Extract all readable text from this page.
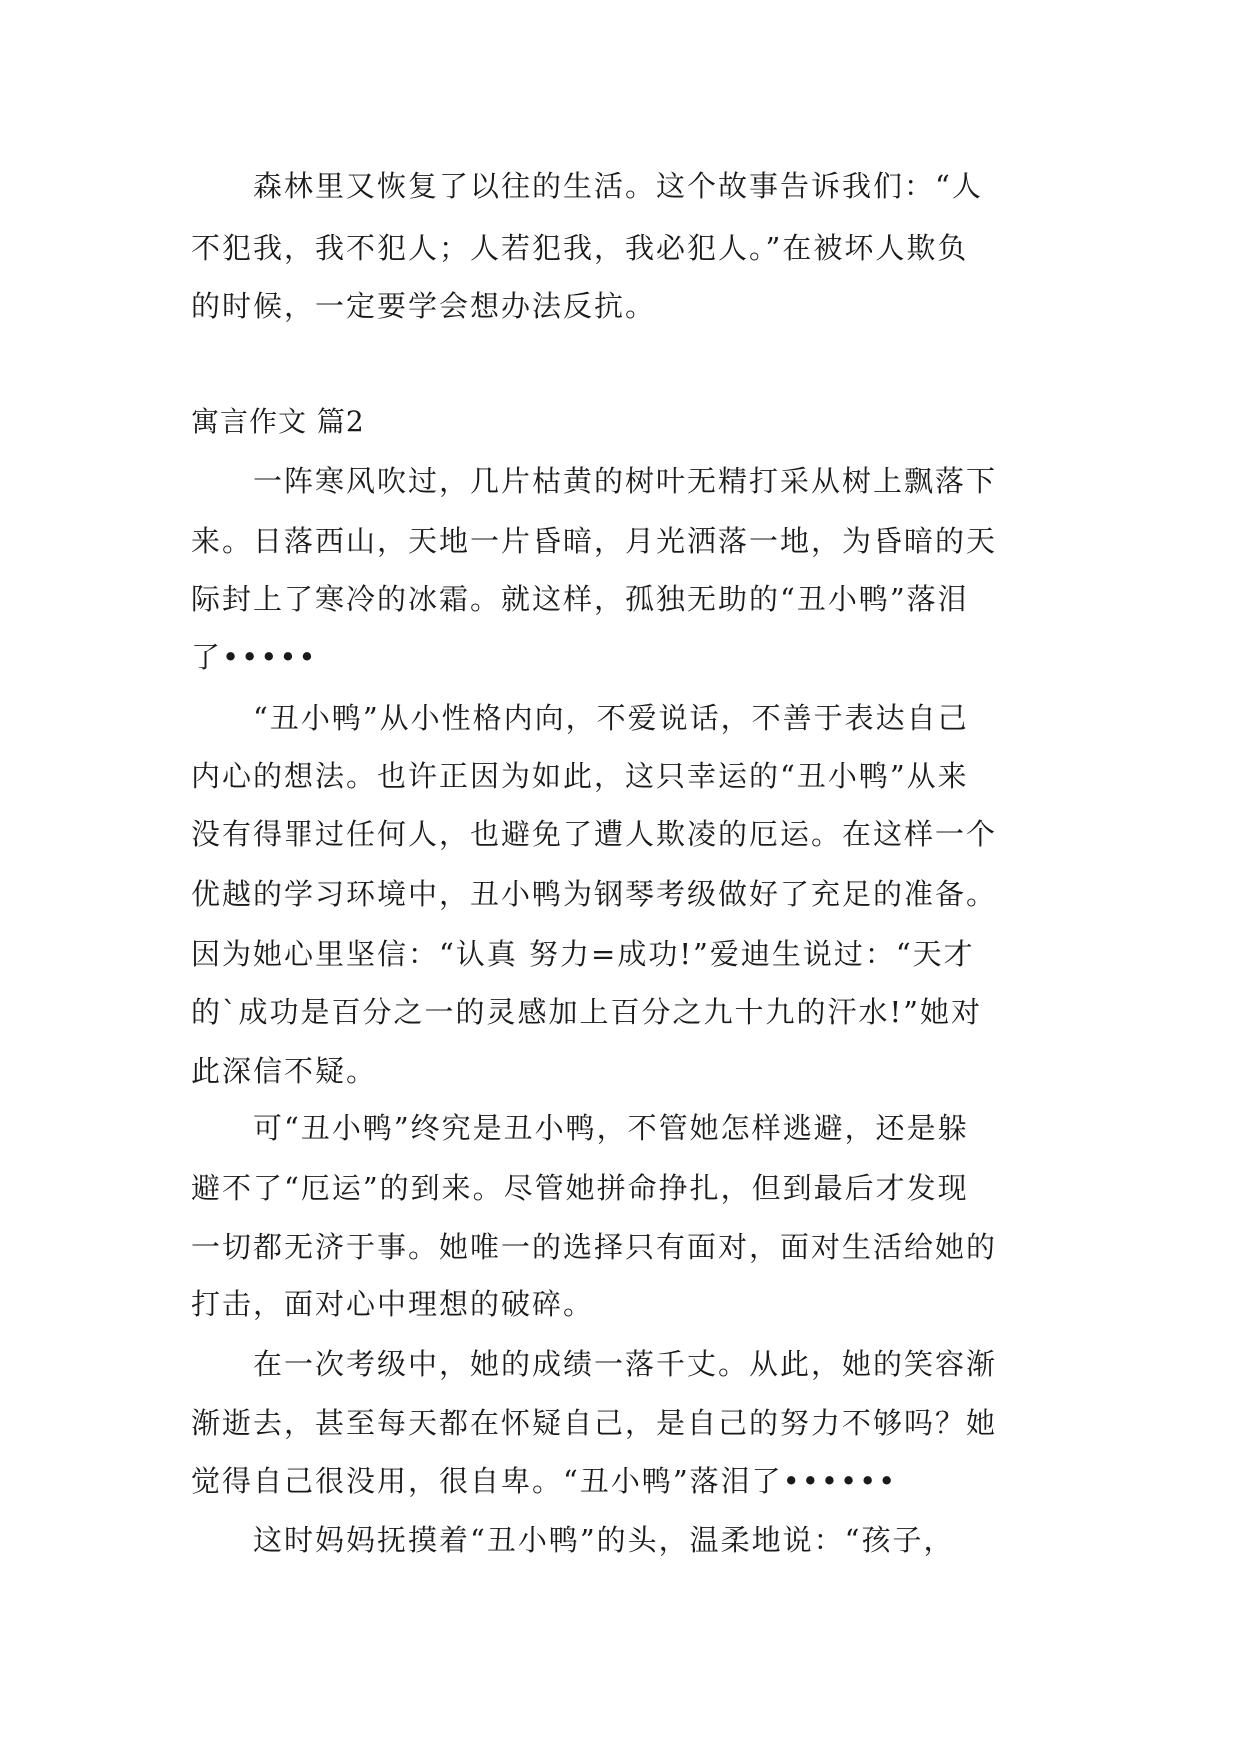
　　森林里又恢复了以往的生活。这个故事告诉我们：“人

不犯我，我不犯人；人若犯我，我必犯人。”在被坏人欺负

的时候，一定要学会想办法反抗。

寓言作文 篇2

　　一阵寒风吹过，几片枯黄的树叶无精打采从树上飘落下

来。日落西山，天地一片昏暗，月光洒落一地，为昏暗的天

际封上了寒冷的冰霜。就这样，孤独无助的“丑小鸭”落泪

了•••••

　　“丑小鸭”从小性格内向，不爱说话，不善于表达自己

内心的想法。也许正因为如此，这只幸运的“丑小鸭”从来

没有得罪过任何人，也避免了遭人欺凌的厄运。在这样一个

优越的学习环境中，丑小鸭为钢琴考级做好了充足的准备。

因为她心里坚信：“认真 努力=成功!”爱迪生说过：“天才

的`成功是百分之一的灵感加上百分之九十九的汗水!”她对

此深信不疑。

　　可“丑小鸭”终究是丑小鸭，不管她怎样逃避，还是躲

避不了“厄运”的到来。尽管她拼命挣扎，但到最后才发现

一切都无济于事。她唯一的选择只有面对，面对生活给她的

打击，面对心中理想的破碎。

　　在一次考级中，她的成绩一落千丈。从此，她的笑容渐

渐逝去，甚至每天都在怀疑自己，是自己的努力不够吗？她

觉得自己很没用，很自卑。“丑小鸭”落泪了••••••

　　这时妈妈抚摸着“丑小鸭”的头，温柔地说：“孩子，
